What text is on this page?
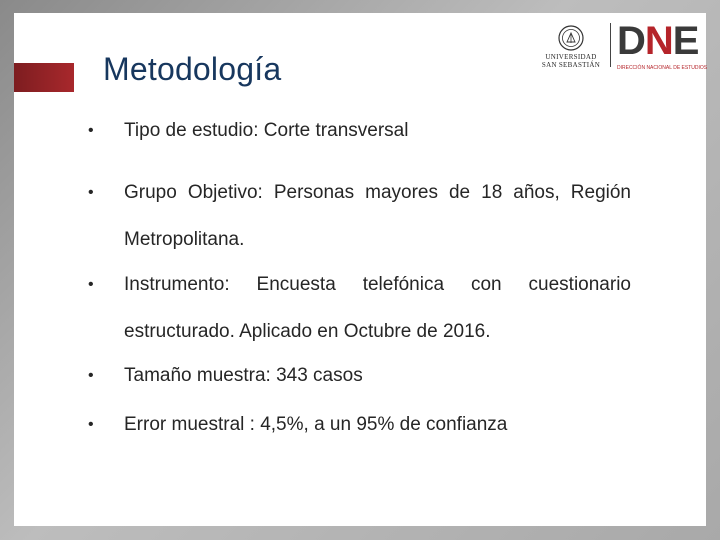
Metodología	UNIVERSIDAD
SAN SEBASTIÁN
DNE
DIRECCIÓN NACIONAL DE ESTUDIOS
• Tipo de estudio: Corte transversal
• Grupo Objetivo: Personas mayores de 18 años, Región Metropolitana.
• Instrumento: Encuesta telefónica con cuestionario estructurado. Aplicado en Octubre de 2016.
• Tamaño muestra: 343 casos
• Error muestral : 4,5%, a un 95% de confianza
